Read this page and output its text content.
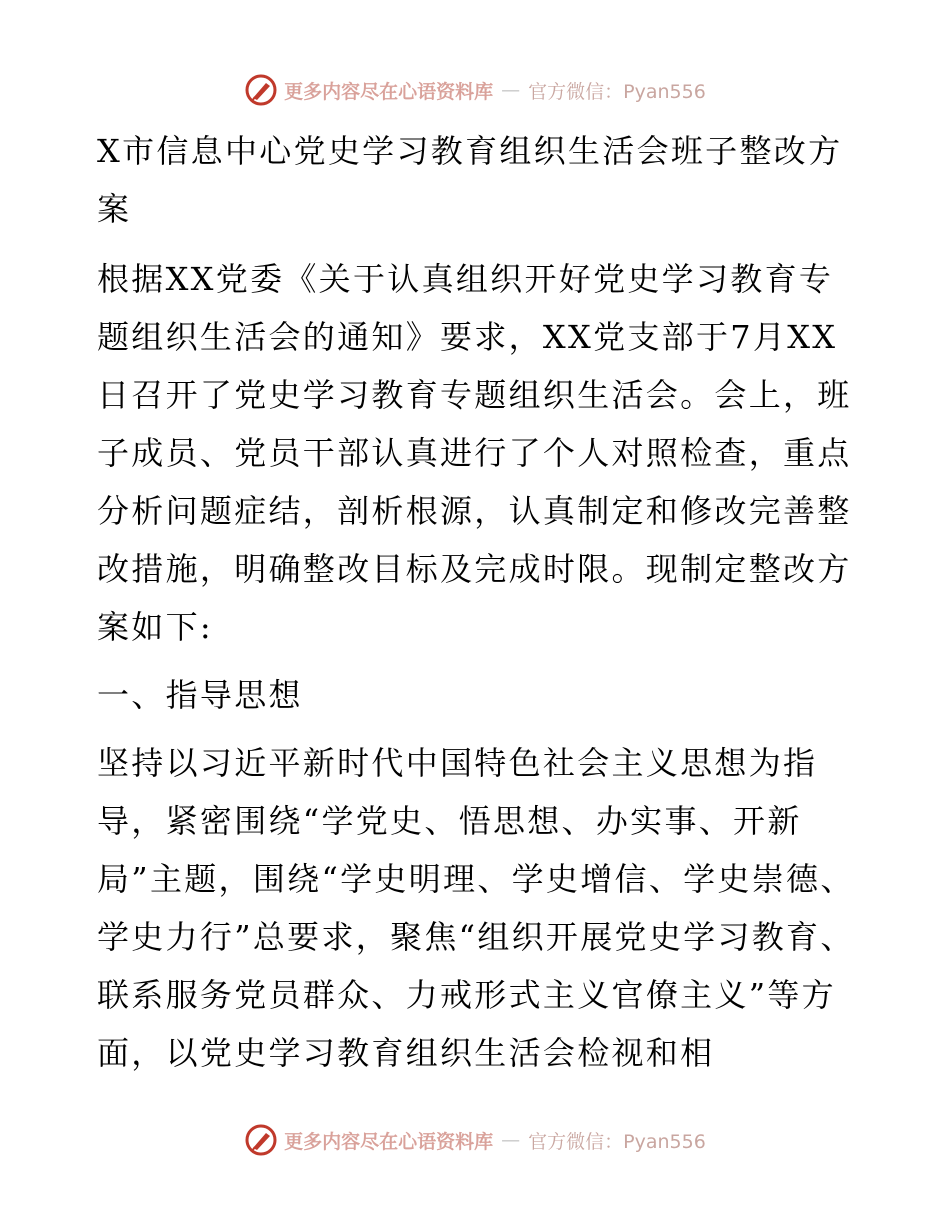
更多内容尽在心语资料库 — 官方微信：Pyan556

X市信息中心党史学习教育组织生活会班子整改方案

根据XX党委《关于认真组织开好党史学习教育专题组织生活会的通知》要求，XX党支部于7月XX日召开了党史学习教育专题组织生活会。会上，班子成员、党员干部认真进行了个人对照检查，重点分析问题症结，剖析根源，认真制定和修改完善整改措施，明确整改目标及完成时限。现制定整改方案如下:

一、指导思想

坚持以习近平新时代中国特色社会主义思想为指导，紧密围绕“学党史、悟思想、办实事、开新局”主题，围绕“学史明理、学史增信、学史崇德、学史力行”总要求，聚焦“组织开展党史学习教育、联系服务党员群众、力戒形式主义官僚主义”等方面，以党史学习教育组织生活会检视和相

更多内容尽在心语资料库 — 官方微信：Pyan556
